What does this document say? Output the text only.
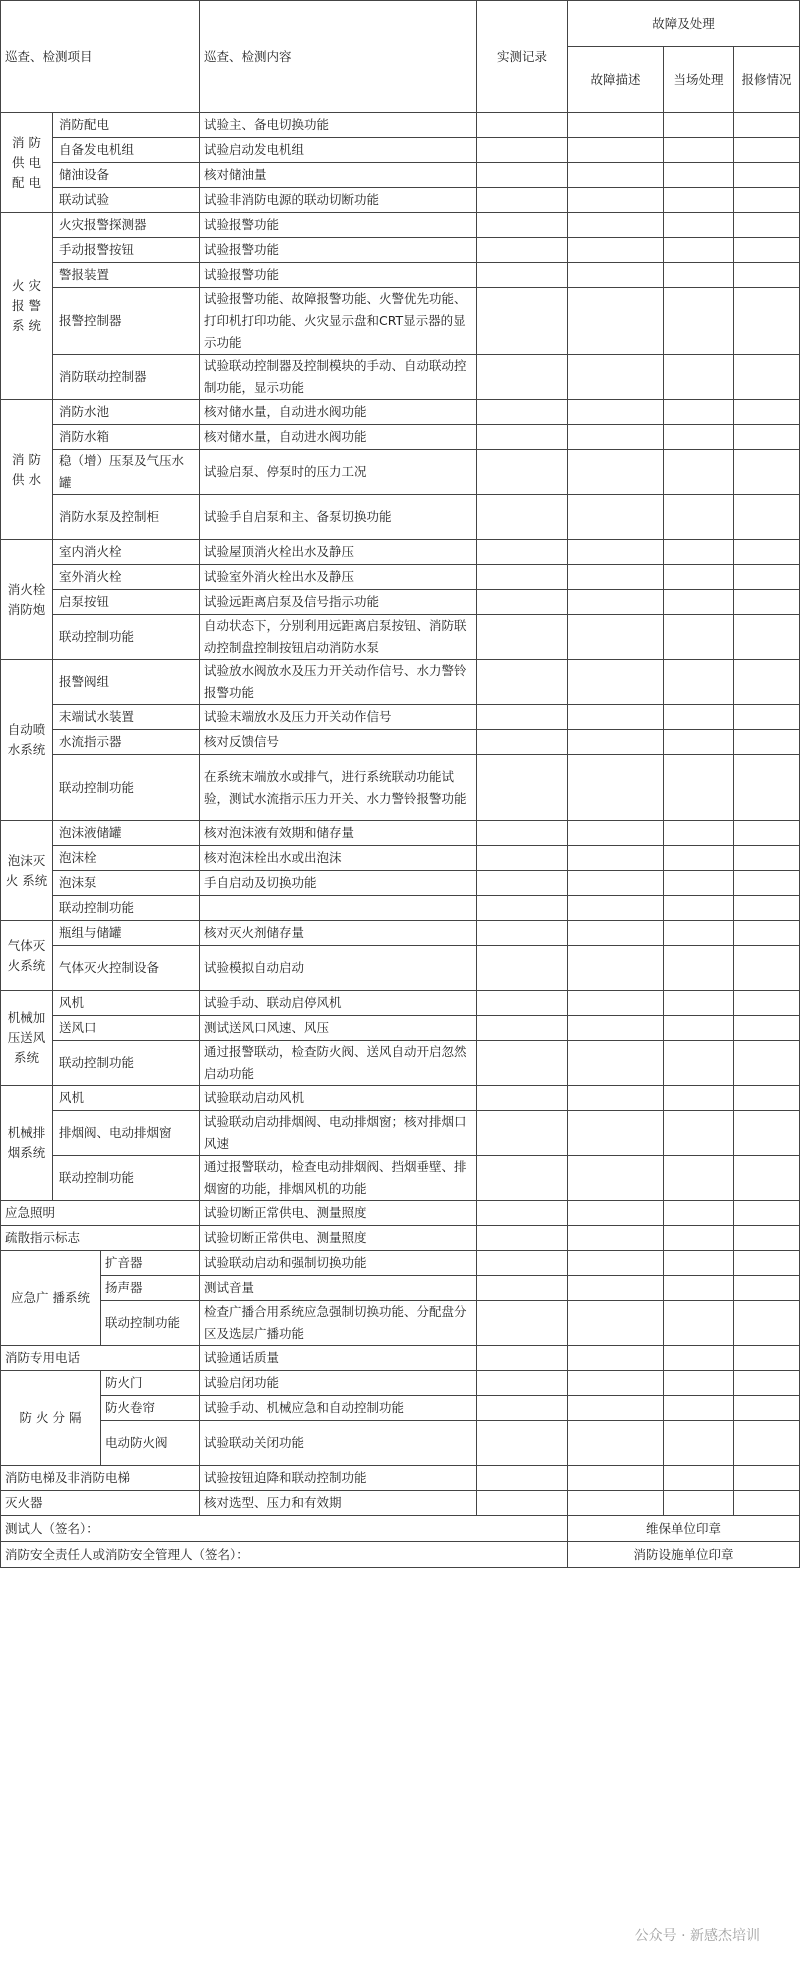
巡查、检测项目			巡查、检测内容	实测记录	故障及处理		
					故障描述	当场处理	报修情况
消 防 供 电 配 电	消防配电		试验主、备电切换功能				
	自备发电机组		试验启动发电机组				
	储油设备		核对储油量				
	联动试验		试验非消防电源的联动切断功能				
火 灾 报 警 系 统	火灾报警探测器		试验报警功能				
	手动报警按钮		试验报警功能				
	警报装置		试验报警功能				
	报警控制器		试验报警功能、故障报警功能、火警优先功能、打印机打印功能、火灾显示盘和CRT显示器的显示功能				
	消防联动控制器		试验联动控制器及控制模块的手动、自动联动控制功能，显示功能				
消 防 供 水	消防水池		核对储水量，自动进水阀功能				
	消防水箱		核对储水量，自动进水阀功能				
	稳（增）压泵及气压水罐		试验启泵、停泵时的压力工况				
	消防水泵及控制柜		试验手自启泵和主、备泵切换功能				
消火栓 消防炮	室内消火栓		试验屋顶消火栓出水及静压				
	室外消火栓		试验室外消火栓出水及静压				
	启泵按钮		试验远距离启泵及信号指示功能				
	联动控制功能		自动状态下，分别利用远距离启泵按钮、消防联动控制盘控制按钮启动消防水泵				
自动喷 水系统	报警阀组		试验放水阀放水及压力开关动作信号、水力警铃报警功能				
	末端试水装置		试验末端放水及压力开关动作信号				
	水流指示器		核对反馈信号				
	联动控制功能		在系统末端放水或排气，进行系统联动功能试验，测试水流指示压力开关、水力警铃报警功能				
泡沫灭 火 系统	泡沫液储罐		核对泡沫液有效期和储存量				
	泡沫栓		核对泡沫栓出水或出泡沫				
	泡沫泵		手自启动及切换功能				
	联动控制功能						
气体灭 火系统	瓶组与储罐		核对灭火剂储存量				
	气体灭火控制设备		试验模拟自动启动				
机械加 压送风 系统	风机		试验手动、联动启停风机				
	送风口		测试送风口风速、风压				
	联动控制功能		通过报警联动，检查防火阀、送风自动开启忽然启动功能				
机械排 烟系统	风机		试验联动启动风机				
	排烟阀、电动排烟窗		试验联动启动排烟阀、电动排烟窗；核对排烟口风速				
	联动控制功能		通过报警联动，检查电动排烟阀、挡烟垂壁、排烟窗的功能，排烟风机的功能				
应急照明			试验切断正常供电、测量照度				
疏散指示标志			试验切断正常供电、测量照度				
应急广 播系统		扩音器	试验联动启动和强制切换功能				
		扬声器	测试音量				
		联动控制功能	检查广播合用系统应急强制切换功能、分配盘分区及选层广播功能				
消防专用电话			试验通话质量				
防 火 分 隔		防火门	试验启闭功能				
		防火卷帘	试验手动、机械应急和自动控制功能				
		电动防火阀	试验联动关闭功能				
消防电梯及非消防电梯			试验按钮迫降和联动控制功能				
灭火器			核对选型、压力和有效期				
测试人（签名）：					维保单位印章		
消防安全责任人或消防安全管理人（签名）：					消防设施单位印章		
公众号 · 新感杰培训
